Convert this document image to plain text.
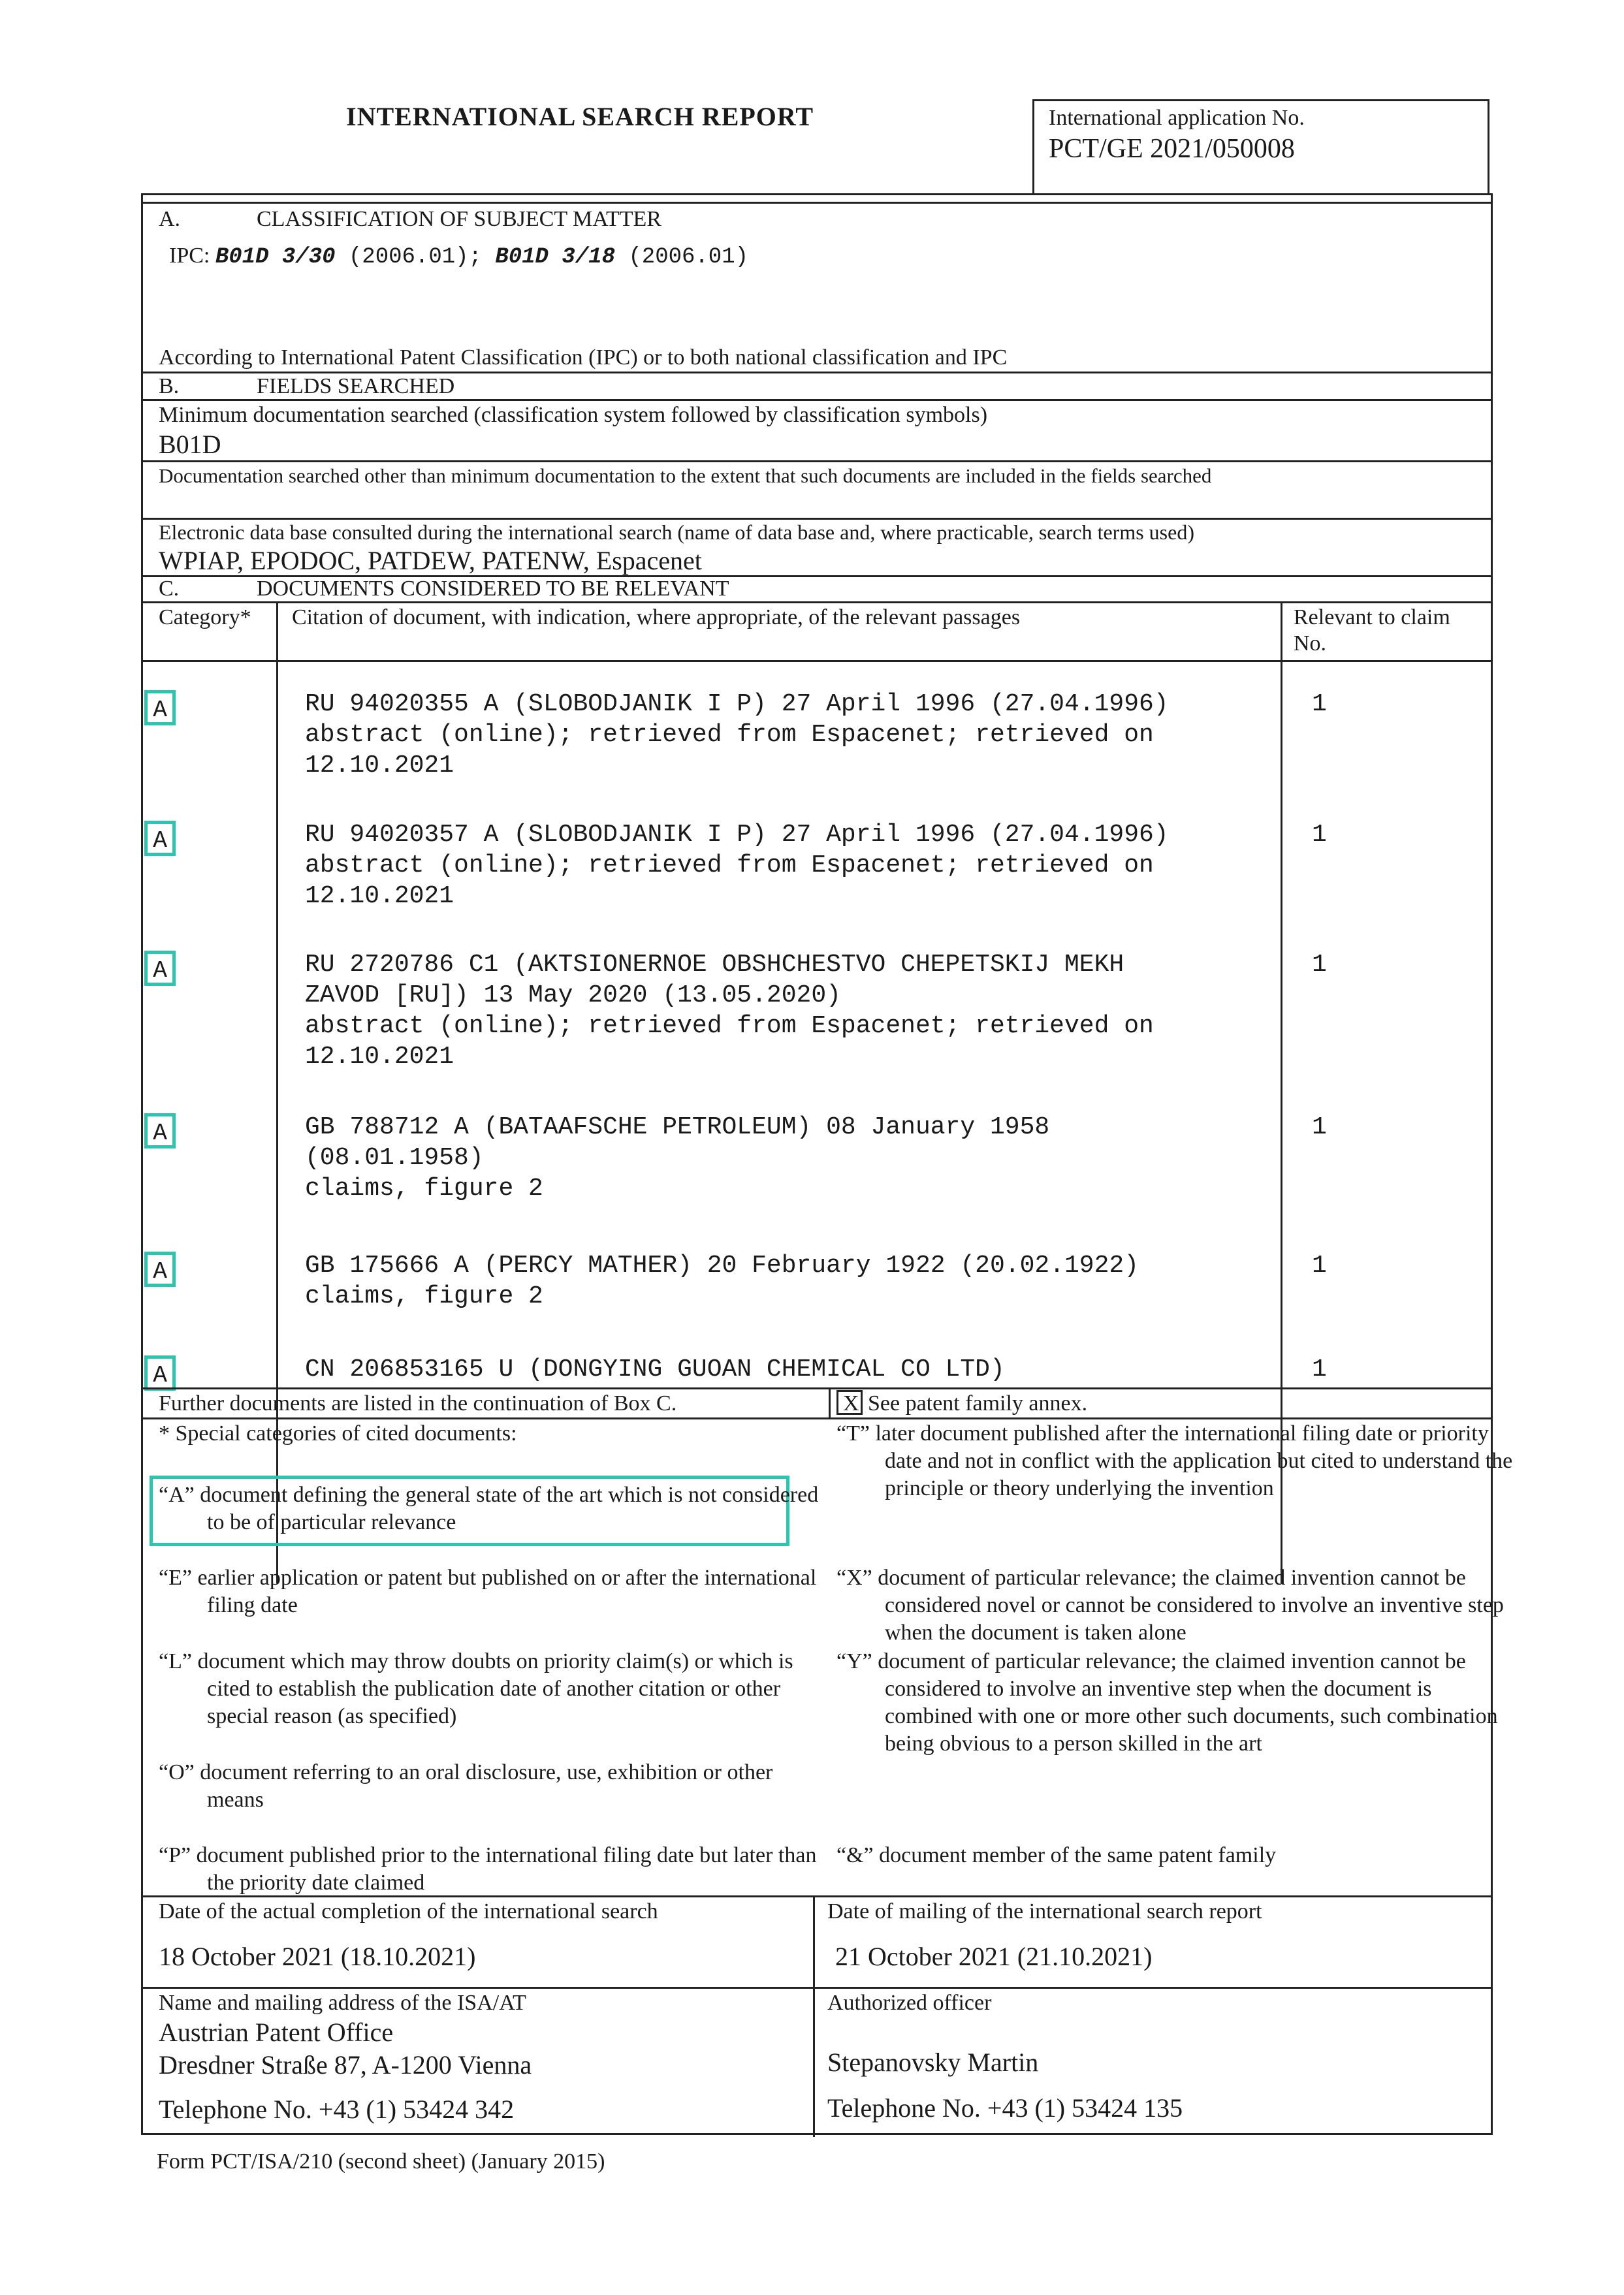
INTERNATIONAL SEARCH REPORT	International application No.
PCT/GE 2021/050008
A.	CLASSIFICATION OF SUBJECT MATTER

IPC: B01D 3/30 (2006.01); B01D 3/18 (2006.01)

According to International Patent Classification (IPC) or to both national classification and IPC
B.	FIELDS SEARCHED
Minimum documentation searched (classification system followed by classification symbols)
B01D
Documentation searched other than minimum documentation to the extent that such documents are included in the fields searched
Electronic data base consulted during the international search (name of data base and, where practicable, search terms used)
WPIAP, EPODOC, PATDEW, PATENW, Espacenet
C.	DOCUMENTS CONSIDERED TO BE RELEVANT
Category* Citation of document, with indication, where appropriate, of the relevant passages	Relevant to claim
No.
A	RU 94020355 A (SLOBODJANIK I P) 27 April 1996 (27.04.1996)
abstract (online); retrieved from Espacenet; retrieved on
12.10.2021
1
A	RU 94020357 A (SLOBODJANIK I P) 27 April 1996 (27.04.1996)
abstract (online); retrieved from Espacenet; retrieved on
12.10.2021
1
A	RU 2720786 C1 (AKTSIONERNOE OBSHCHESTVO CHEPETSKIJ MEKH
ZAVOD [RU]) 13 May 2020 (13.05.2020)
abstract (online); retrieved from Espacenet; retrieved on
12.10.2021
1
A	GB 788712 A (BATAAFSCHE PETROLEUM) 08 January 1958
(08.01.1958)
claims, figure 2
1
A	GB 175666 A (PERCY MATHER) 20 February 1922 (20.02.1922)
claims, figure 2
1
A	CN 206853165 U (DONGYING GUOAN CHEMICAL CO LTD)	1
Further documents are listed in the continuation of Box C.	X See patent family annex.
* Special categories of cited documents:
“A” document defining the general state of the art which is not considered to be of particular relevance
“E” earlier application or patent but published on or after the international filing date
“L” document which may throw doubts on priority claim(s) or which is cited to establish the publication date of another citation or other special reason (as specified)
“O” document referring to an oral disclosure, use, exhibition or other means
“P” document published prior to the international filing date but later than the priority date claimed
“T” later document published after the international filing date or priority date and not in conflict with the application but cited to understand the principle or theory underlying the invention
“X” document of particular relevance; the claimed invention cannot be considered novel or cannot be considered to involve an inventive step when the document is taken alone
“Y” document of particular relevance; the claimed invention cannot be considered to involve an inventive step when the document is combined with one or more other such documents, such combination being obvious to a person skilled in the art
“&” document member of the same patent family
Date of the actual completion of the international search
18 October 2021 (18.10.2021)
Date of mailing of the international search report
21 October 2021 (21.10.2021)
Name and mailing address of the ISA/AT
Austrian Patent Office
Dresdner Straße 87, A-1200 Vienna
Telephone No. +43 (1) 53424 342
Authorized officer
Stepanovsky Martin
Telephone No. +43 (1) 53424 135
Form PCT/ISA/210 (second sheet) (January 2015)
